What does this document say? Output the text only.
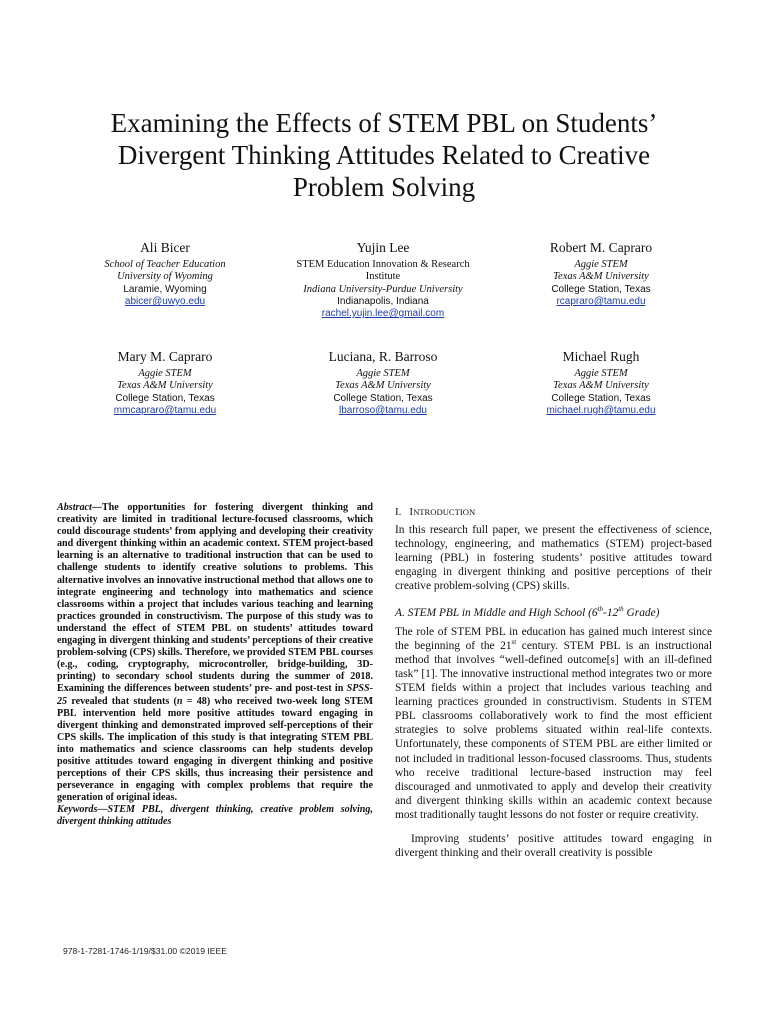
Examining the Effects of STEM PBL on Students’
Divergent Thinking Attitudes Related to Creative
Problem Solving
Ali Bicer
School of Teacher Education
University of Wyoming
Laramie, Wyoming
abicer@uwyo.edu
Yujin Lee
STEM Education Innovation & Research
Institute
Indiana University-Purdue University
Indianapolis, Indiana
rachel.yujin.lee@gmail.com
Robert M. Capraro
Aggie STEM
Texas A&M University
College Station, Texas
rcapraro@tamu.edu
Mary M. Capraro
Aggie STEM
Texas A&M University
College Station, Texas
mmcapraro@tamu.edu
Luciana, R. Barroso
Aggie STEM
Texas A&M University
College Station, Texas
lbarroso@tamu.edu
Michael Rugh
Aggie STEM
Texas A&M University
College Station, Texas
michael.rugh@tamu.edu

Abstract—The opportunities for fostering divergent thinking and creativity are limited in traditional lecture-focused classrooms, which could discourage students’ from applying and developing their creativity and divergent thinking within an academic context. STEM project-based learning is an alternative to traditional instruction that can be used to challenge students to identify creative solutions to problems. This alternative involves an innovative instructional method that allows one to integrate engineering and technology into mathematics and science classrooms within a project that includes various teaching and learning practices grounded in constructivism. The purpose of this study was to understand the effect of STEM PBL on students’ attitudes toward engaging in divergent thinking and students’ perceptions of their creative problem-solving (CPS) skills. Therefore, we provided STEM PBL courses (e.g., coding, cryptography, microcontroller, bridge-building, 3D-printing) to secondary school students during the summer of 2018. Examining the differences between students’ pre- and post-test in SPSS-25 revealed that students (n = 48) who received two-week long STEM PBL intervention held more positive attitudes toward engaging in divergent thinking and demonstrated improved self-perceptions of their CPS skills. The implication of this study is that integrating STEM PBL into mathematics and science classrooms can help students develop positive attitudes toward engaging in divergent thinking and positive perceptions of their CPS skills, thus increasing their persistence and perseverance in engaging with complex problems that require the generation of original ideas.

Keywords—STEM PBL, divergent thinking, creative problem solving, divergent thinking attitudes

I. INTRODUCTION

In this research full paper, we present the effectiveness of science, technology, engineering, and mathematics (STEM) project-based learning (PBL) in fostering students’ positive attitudes toward engaging in divergent thinking and positive perceptions of their creative problem-solving (CPS) skills.

A. STEM PBL in Middle and High School (6th-12th Grade)

The role of STEM PBL in education has gained much interest since the beginning of the 21st century. STEM PBL is an instructional method that involves “well-defined outcome[s] with an ill-defined task” [1]. The innovative instructional method integrates two or more STEM fields within a project that includes various teaching and learning practices grounded in constructivism. Students in STEM PBL classrooms collaboratively work to find the most efficient strategies to solve problems situated within real-life contexts. Unfortunately, these components of STEM PBL are either limited or not included in traditional lesson-focused classrooms. Thus, students who receive traditional lecture-based instruction may feel discouraged and unmotivated to apply and develop their creativity and divergent thinking skills within an academic context because most traditionally taught lessons do not foster or require creativity.

Improving students’ positive attitudes toward engaging in divergent thinking and their overall creativity is possible

978-1-7281-1746-1/19/$31.00 ©2019 IEEE
